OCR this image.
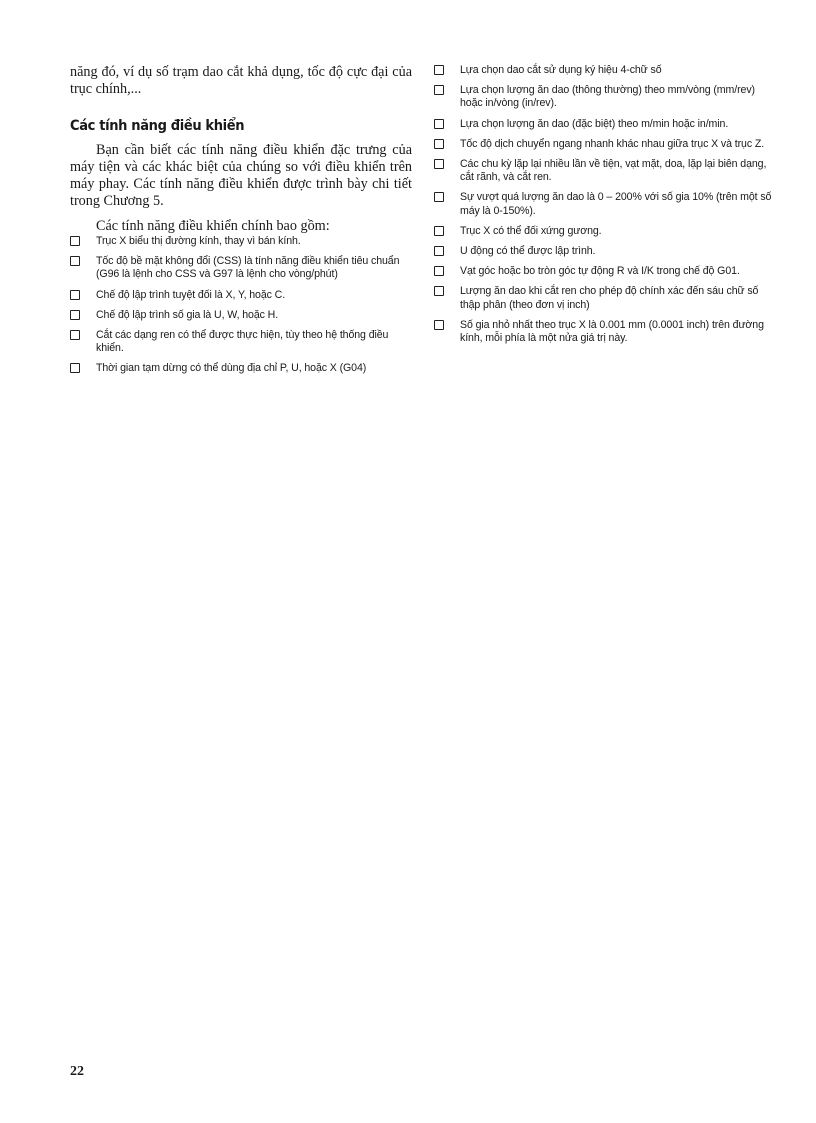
năng đó, ví dụ số trạm dao cắt khả dụng, tốc độ cực đại của trục chính,...

Các tính năng điều khiển

Bạn cần biết các tính năng điều khiển đặc trưng của máy tiện và các khác biệt của chúng so với điều khiển trên máy phay. Các tính năng điều khiển được trình bày chi tiết trong Chương 5.

Các tính năng điều khiển chính bao gồm:

Trục X biểu thị đường kính, thay vì bán kính.
Tốc độ bề mặt không đổi (CSS) là tính năng điều khiển tiêu chuẩn (G96 là lệnh cho CSS và G97 là lệnh cho vòng/phút)
Chế độ lập trình tuyệt đối là X, Y, hoặc C.
Chế độ lập trình số gia là U, W, hoặc H.
Cắt các dạng ren có thể được thực hiện, tùy theo hệ thống điều khiển.
Thời gian tạm dừng có thể dùng địa chỉ P, U, hoặc X (G04)
Lựa chọn dao cắt sử dụng ký hiệu 4-chữ số
Lựa chọn lượng ăn dao (thông thường) theo mm/vòng (mm/rev) hoặc in/vòng (in/rev).
Lựa chọn lượng ăn dao (đặc biệt) theo m/min hoặc in/min.
Tốc độ dịch chuyển ngang nhanh khác nhau giữa trục X và trục Z.
Các chu kỳ lặp lại nhiều lần về tiện, vạt mặt, doa, lặp lại biên dạng, cắt rãnh, và cắt ren.
Sự vượt quá lượng ăn dao là 0 – 200% với số gia 10% (trên một số máy là 0-150%).
Trục X có thể đối xứng gương.
U động có thể được lập trình.
Vạt góc hoặc bo tròn góc tự động R và I/K trong chế độ G01.
Lượng ăn dao khi cắt ren cho phép độ chính xác đến sáu chữ số thập phân (theo đơn vị inch)
Số gia nhỏ nhất theo trục X là 0.001 mm (0.0001 inch) trên đường kính, mỗi phía là một nửa giá trị này.
22
